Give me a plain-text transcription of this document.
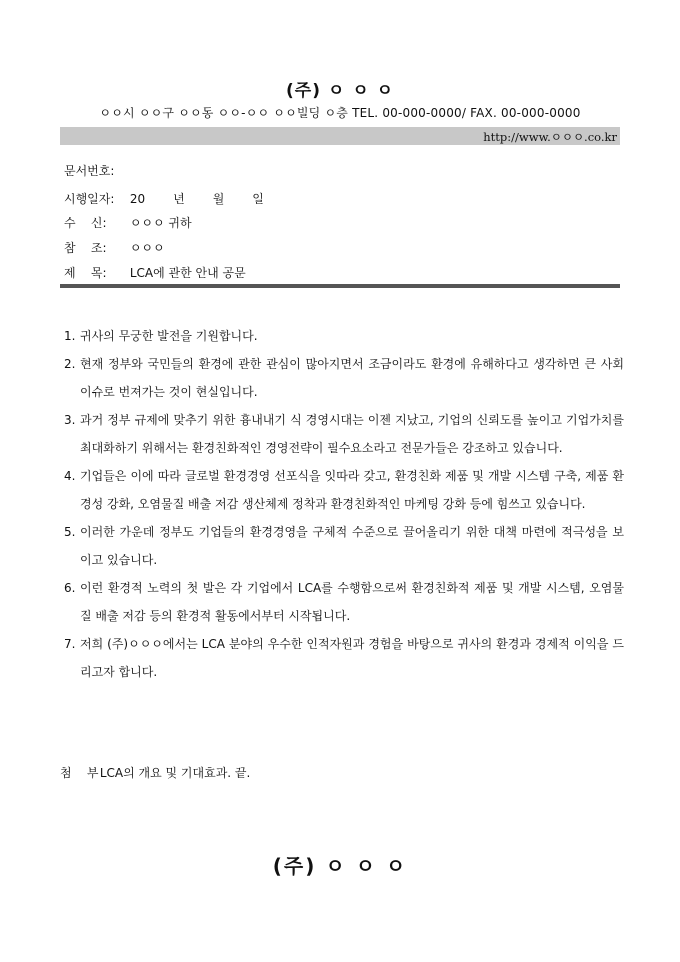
(주) ㅇ ㅇ ㅇ
ㅇㅇ시 ㅇㅇ구 ㅇㅇ동 ㅇㅇ-ㅇㅇ ㅇㅇ빌딩 ㅇ층 TEL. 00-000-0000/ FAX. 00-000-0000
http://www.ㅇㅇㅇ.co.kr
문서번호:
시행일자: 20 년 월 일
수    신: ㅇㅇㅇ 귀하
참    조: ㅇㅇㅇ
제    목: LCA에 관한 안내 공문
1. 귀사의 무궁한 발전을 기원합니다.
2. 현재 정부와 국민들의 환경에 관한 관심이 많아지면서 조금이라도 환경에 유해하다고 생각하면 큰 사회 이슈로 번져가는 것이 현실입니다.
3. 과거 정부 규제에 맞추기 위한 흉내내기 식 경영시대는 이젠 지났고, 기업의 신뢰도를 높이고 기업가치를 최대화하기 위해서는 환경친화적인 경영전략이 필수요소라고 전문가들은 강조하고 있습니다.
4. 기업들은 이에 따라 글로벌 환경경영 선포식을 잇따라 갖고, 환경친화 제품 및 개발 시스템 구축, 제품 환경성 강화, 오염물질 배출 저감 생산체제 정착과 환경친화적인 마케팅 강화 등에 힘쓰고 있습니다.
5. 이러한 가운데 정부도 기업들의 환경경영을 구체적 수준으로 끌어올리기 위한 대책 마련에 적극성을 보이고 있습니다.
6. 이런 환경적 노력의 첫 발은 각 기업에서 LCA를 수행함으로써 환경친화적 제품 및 개발 시스템, 오염물질 배출 저감 등의 환경적 활동에서부터 시작됩니다.
7. 저희 (주)ㅇㅇㅇ에서는 LCA 분야의 우수한 인적자원과 경험을 바탕으로 귀사의 환경과 경제적 이익을 드리고자 합니다.
첨    부 LCA의 개요 및 기대효과. 끝.
(주) ㅇ ㅇ ㅇ
